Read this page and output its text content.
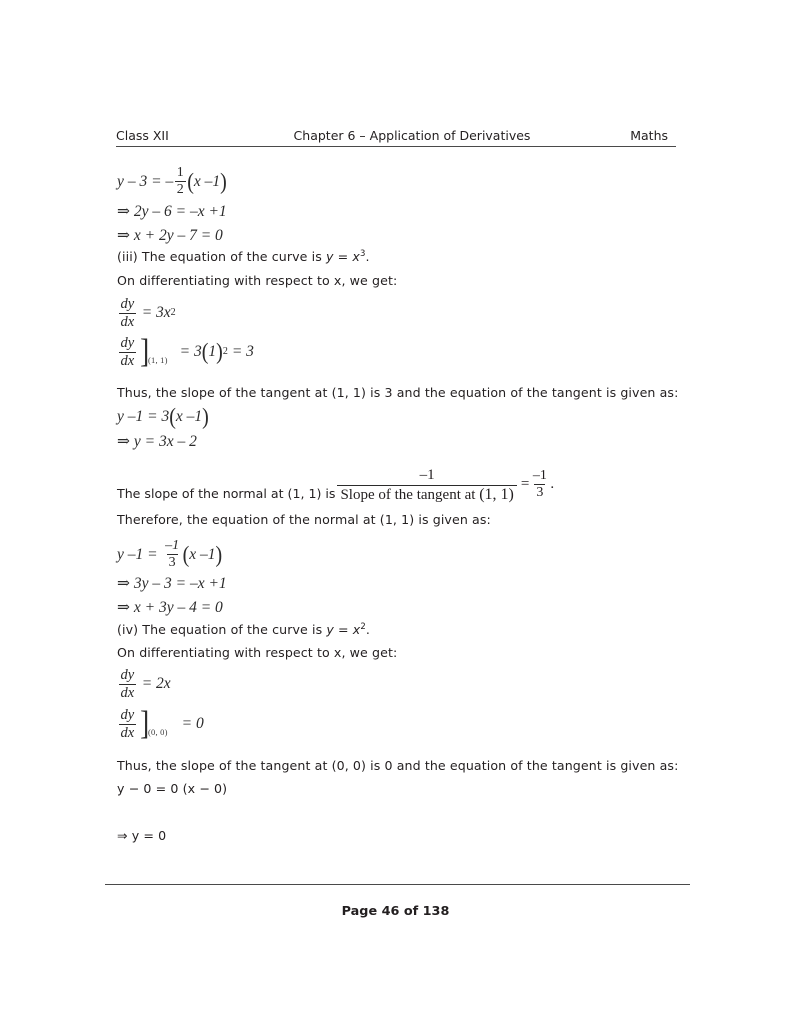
Class XII	Chapter 6 – Application of Derivatives	Maths
y – 3 = – $\frac{1}{2}$ ( x –1 )
⇒ 2y – 6 = –x +1
⇒ x + 2y – 7 = 0
(iii) The equation of the curve is $y = x^3$.
On differentiating with respect to x, we get:
$\frac{dy}{dx} = 3x$ 2
$\frac{dy}{dx}$ ] (1, 1)
= 3 ( 1 ) 2 = 3
Thus, the slope of the tangent at (1, 1) is 3 and the equation of the tangent is given as:
y –1 = 3 ( x –1 )
⇒ y = 3x – 2
The slope of the normal at (1, 1) is $\frac{-1}{\text{Slope of the tangent at (1, 1)}} = \frac{-1}{3}$ .
Therefore, the equation of the normal at (1, 1) is given as:
y $-1 = \frac{-1}{3}$ ( x –1 )
⇒ 3y – 3 = –x +1
⇒ x + 3y – 4 = 0
(iv) The equation of the curve is $y = x^2$.
On differentiating with respect to x, we get:
$\frac{dy}{dx} = 2x$
$\frac{dy}{dx}$ ] (0, 0)
= 0
Thus, the slope of the tangent at (0, 0) is 0 and the equation of the tangent is given as:
y − 0 = 0 (x − 0)
⇒ y = 0
Page 46 of 138
